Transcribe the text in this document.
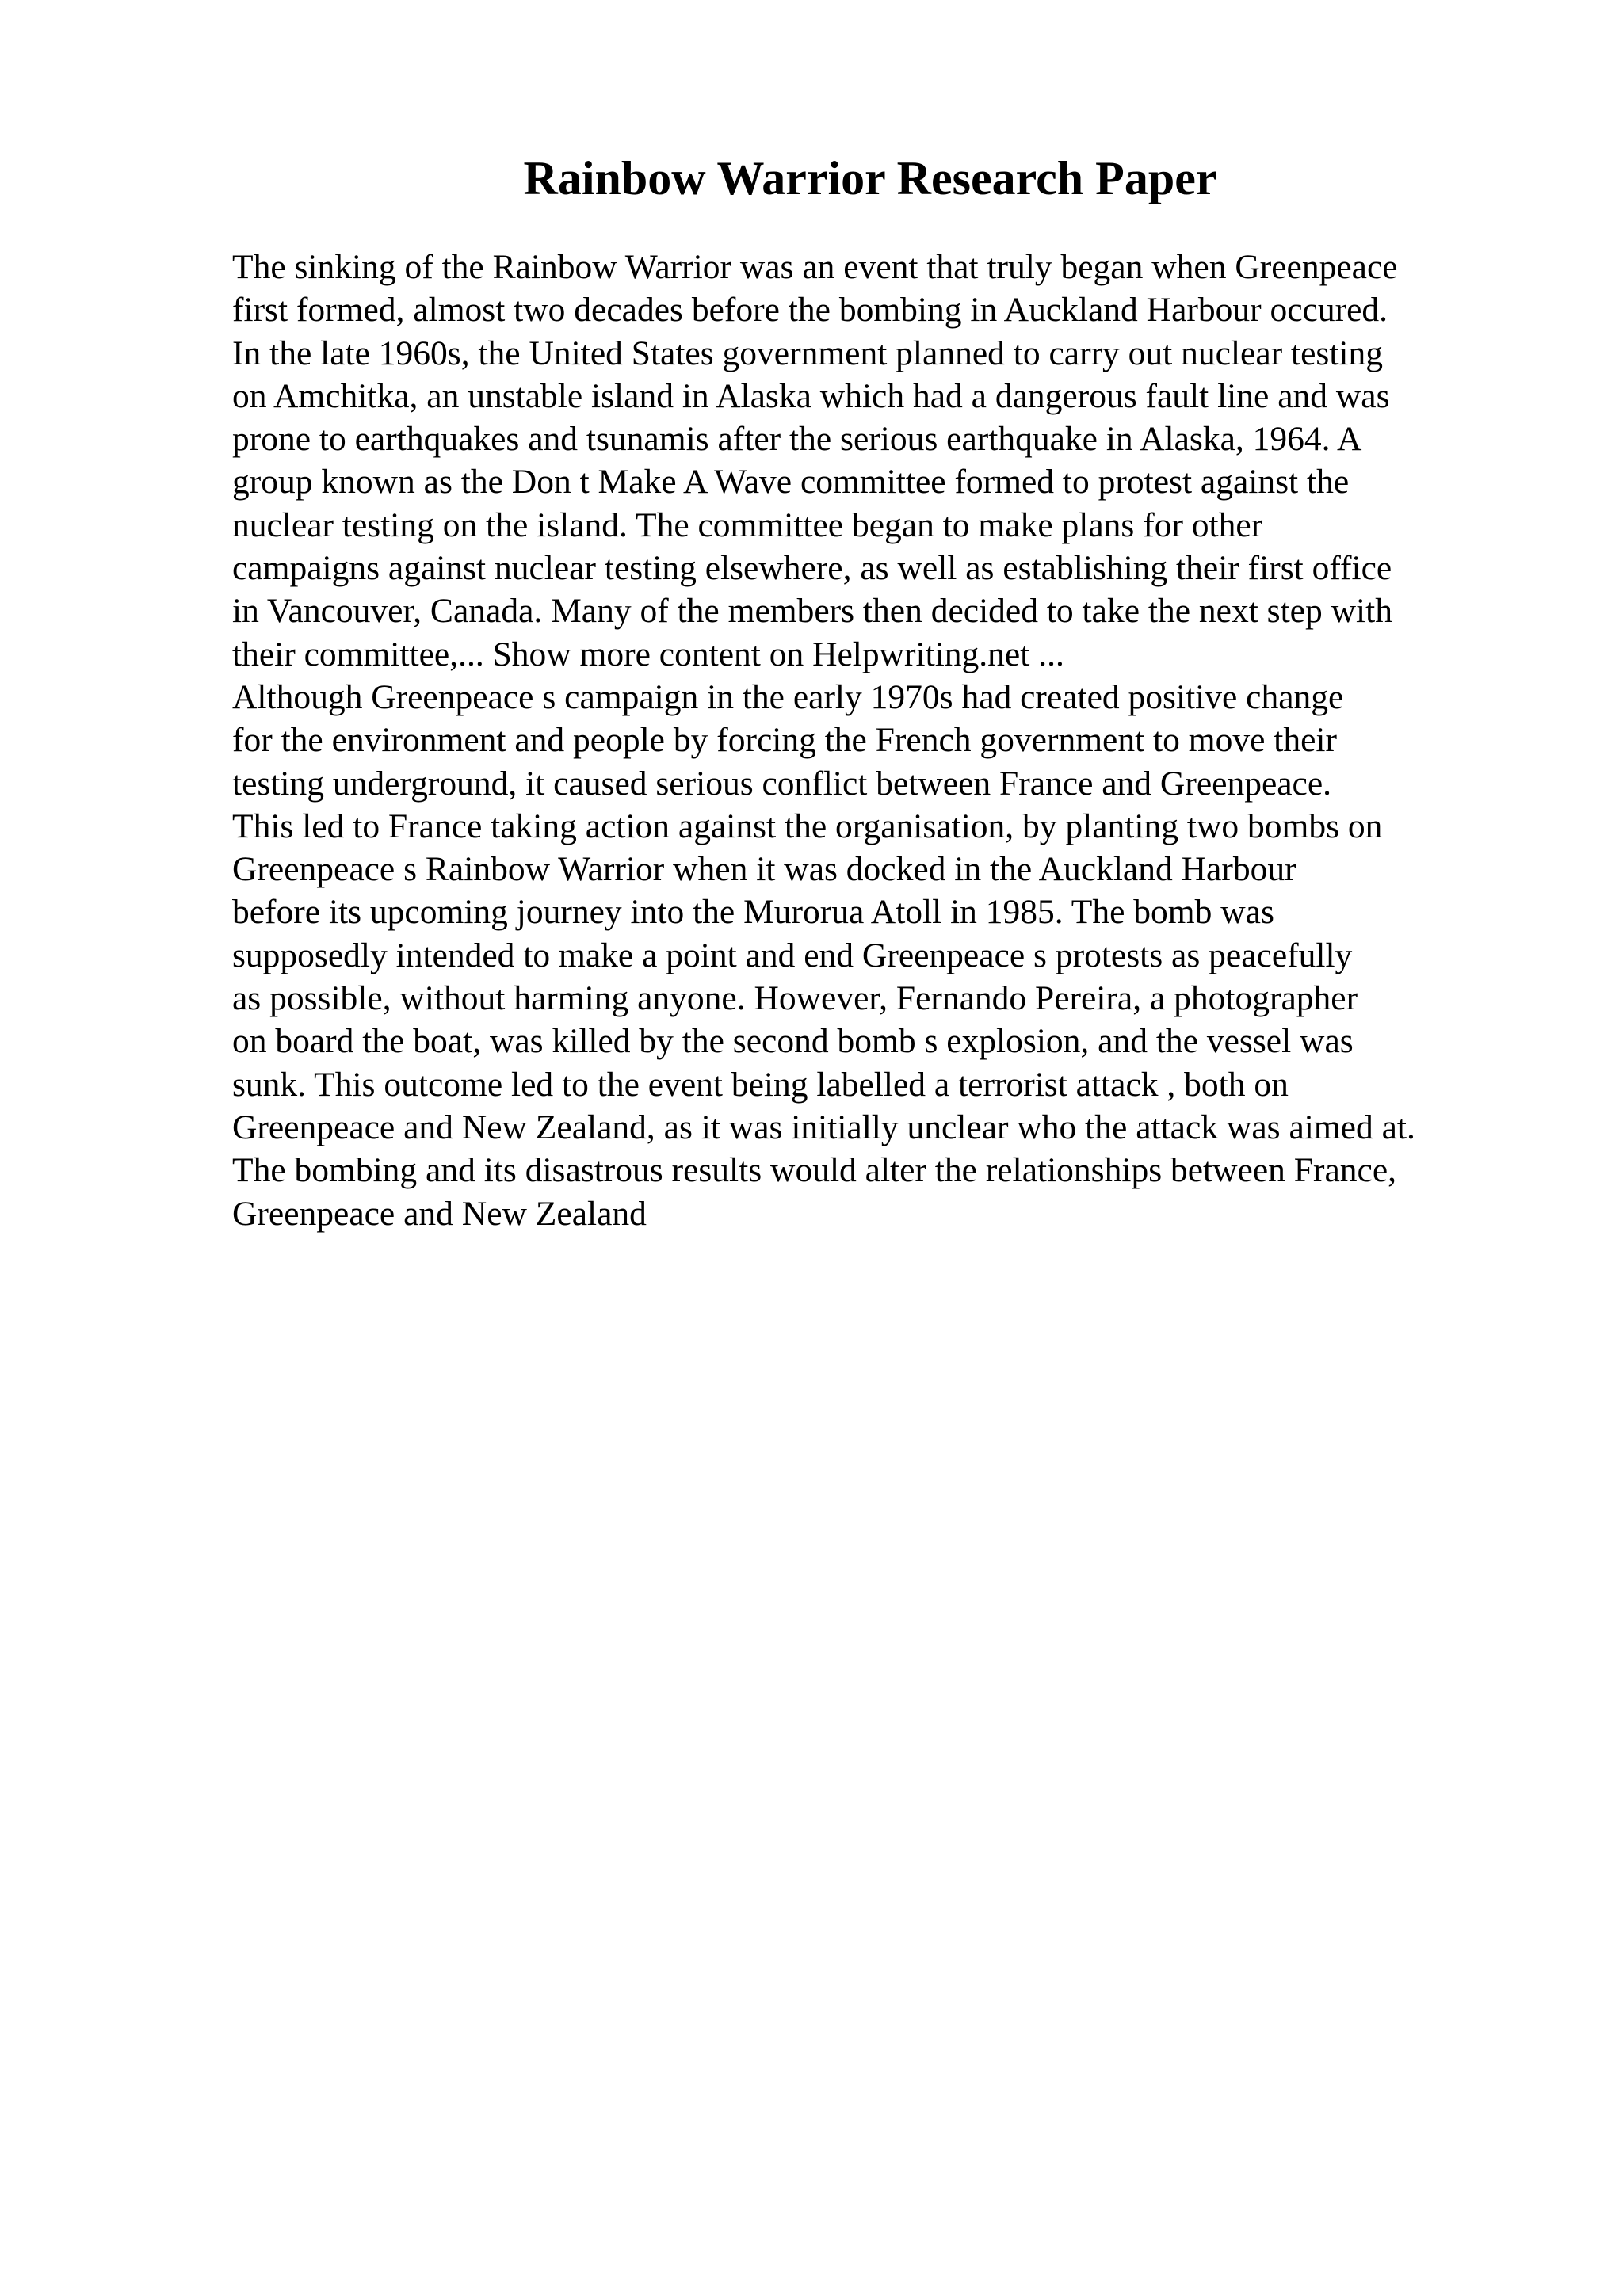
Rainbow Warrior Research Paper
The sinking of the Rainbow Warrior was an event that truly began when Greenpeace
first formed, almost two decades before the bombing in Auckland Harbour occured.
In the late 1960s, the United States government planned to carry out nuclear testing
on Amchitka, an unstable island in Alaska which had a dangerous fault line and was
prone to earthquakes and tsunamis after the serious earthquake in Alaska, 1964. A
group known as the Don t Make A Wave committee formed to protest against the
nuclear testing on the island. The committee began to make plans for other
campaigns against nuclear testing elsewhere, as well as establishing their first office
in Vancouver, Canada. Many of the members then decided to take the next step with
their committee,... Show more content on Helpwriting.net ...
Although Greenpeace s campaign in the early 1970s had created positive change
for the environment and people by forcing the French government to move their
testing underground, it caused serious conflict between France and Greenpeace.
This led to France taking action against the organisation, by planting two bombs on
Greenpeace s Rainbow Warrior when it was docked in the Auckland Harbour
before its upcoming journey into the Murorua Atoll in 1985. The bomb was
supposedly intended to make a point and end Greenpeace s protests as peacefully
as possible, without harming anyone. However, Fernando Pereira, a photographer
on board the boat, was killed by the second bomb s explosion, and the vessel was
sunk. This outcome led to the event being labelled a terrorist attack , both on
Greenpeace and New Zealand, as it was initially unclear who the attack was aimed at.
The bombing and its disastrous results would alter the relationships between France,
Greenpeace and New Zealand
